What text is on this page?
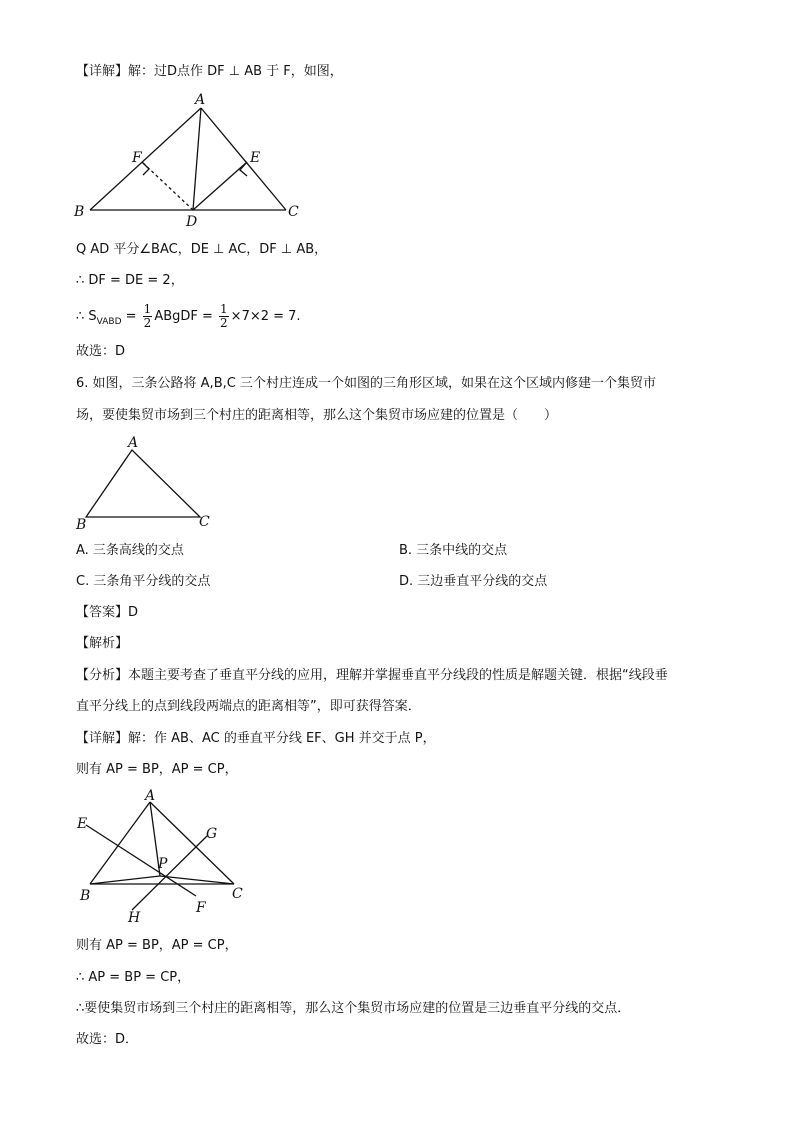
【详解】解：过D点作 DF ⊥ AB 于 F，如图，
A
B	C
D
E
F
Q AD 平分∠BAC，DE ⊥ AC，DF ⊥ AB，
∴ DF = DE = 2，
∴ $S_{VABD} = \frac{1}{2}$ ABgDF = $\frac{1}{2} \times 7\times 2 = 7$.
故选：D
6. 如图，三条公路将 A,B,C 三个村庄连成一个如图的三角形区域，如果在这个区域内修建一个集贸市
场，要使集贸市场到三个村庄的距离相等，那么这个集贸市场应建的位置是（　　）
A
B	C
A. 三条高线的交点	B. 三条中线的交点
C. 三条角平分线的交点	D. 三边垂直平分线的交点
【答案】D
【解析】
【分析】本题主要考查了垂直平分线的应用，理解并掌握垂直平分线段的性质是解题关键．根据“线段垂
直平分线上的点到线段两端点的距离相等”，即可获得答案．
【详解】解：作 AB、AC 的垂直平分线 EF、GH 并交于点 P，
则有 AP = BP，AP = CP，
A
B	C
E
F
G
H
P
则有 AP = BP，AP = CP，
∴ AP = BP = CP，
∴要使集贸市场到三个村庄的距离相等，那么这个集贸市场应建的位置是三边垂直平分线的交点．
故选：D．
